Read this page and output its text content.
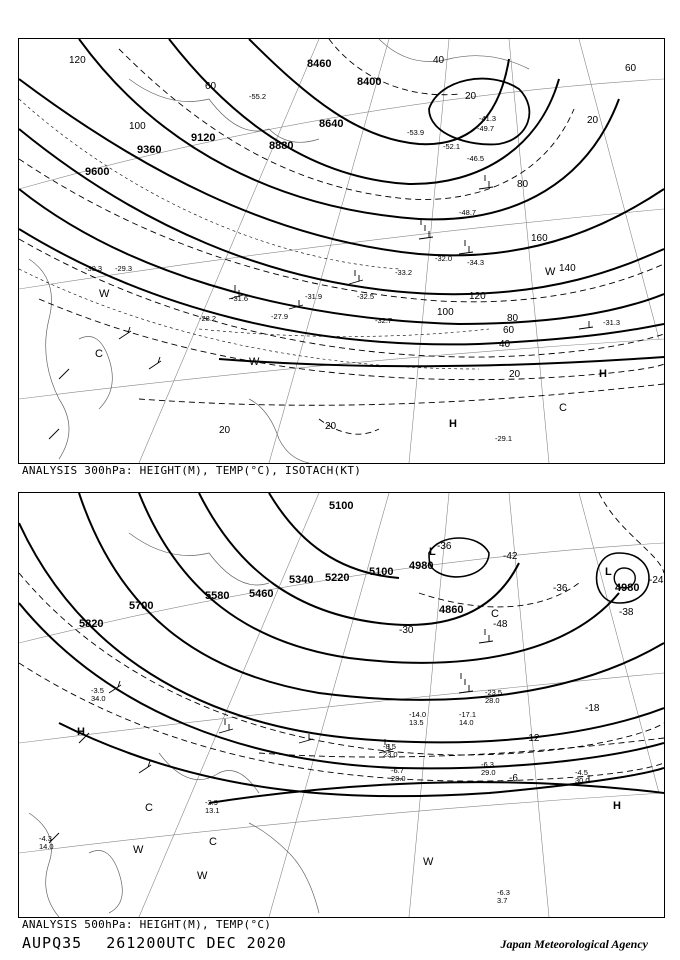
9600
9360
9120
8880
8640
8400
8460
120
100
60
40
20
20
60
80
120
140
160
100
80
60
40
20
20	20
-29.3
-30.3
-28.2
-31.6
-27.9
-31.9
-32.7
-32.5
-33.2
-32.0 -34.3
-48.7
-46.5
-52.1
-53.9
-55.2
-49.7
-41.3
-31.3
-29.1
H
H
C
C
W
W
W
ANALYSIS 300hPa: HEIGHT(M), TEMP(°C), ISOTACH(KT)
5820
5700
5580 5460
5340 5220 5100
5100
4980
4860
4980
-42
-36
-38
-24
-18
-12
-6
-36
-48
-30
-3.5
34.0
-3.9
13.1
-4.3
14.0
-6.7
28.0
-6.3
29.0	-4.5
30.0
-6.3
3.7
-8.5
23.0
-14.0
13.5
-17.1
14.0
-23.5
28.0
H
H
L
L
C
C
C
W
W
W
ANALYSIS 500hPa: HEIGHT(M), TEMP(°C)
AUPQ35 261200UTC DEC 2020	Japan Meteorological Agency
